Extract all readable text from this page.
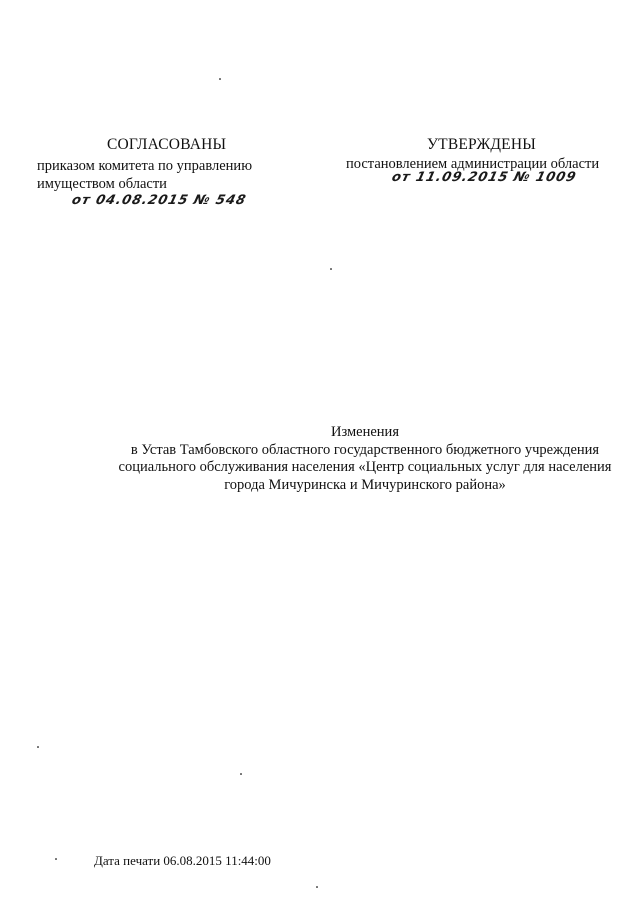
СОГЛАСОВАНЫ
приказом комитета по управлению
имуществом области
от 04.08.2015 № 548
УТВЕРЖДЕНЫ
постановлением администрации области
от 11.09.2015 № 1009
Изменения
в Устав Тамбовского областного государственного бюджетного учреждения
социального обслуживания населения «Центр социальных услуг для населения
города Мичуринска и Мичуринского района»
Дата печати 06.08.2015 11:44:00
